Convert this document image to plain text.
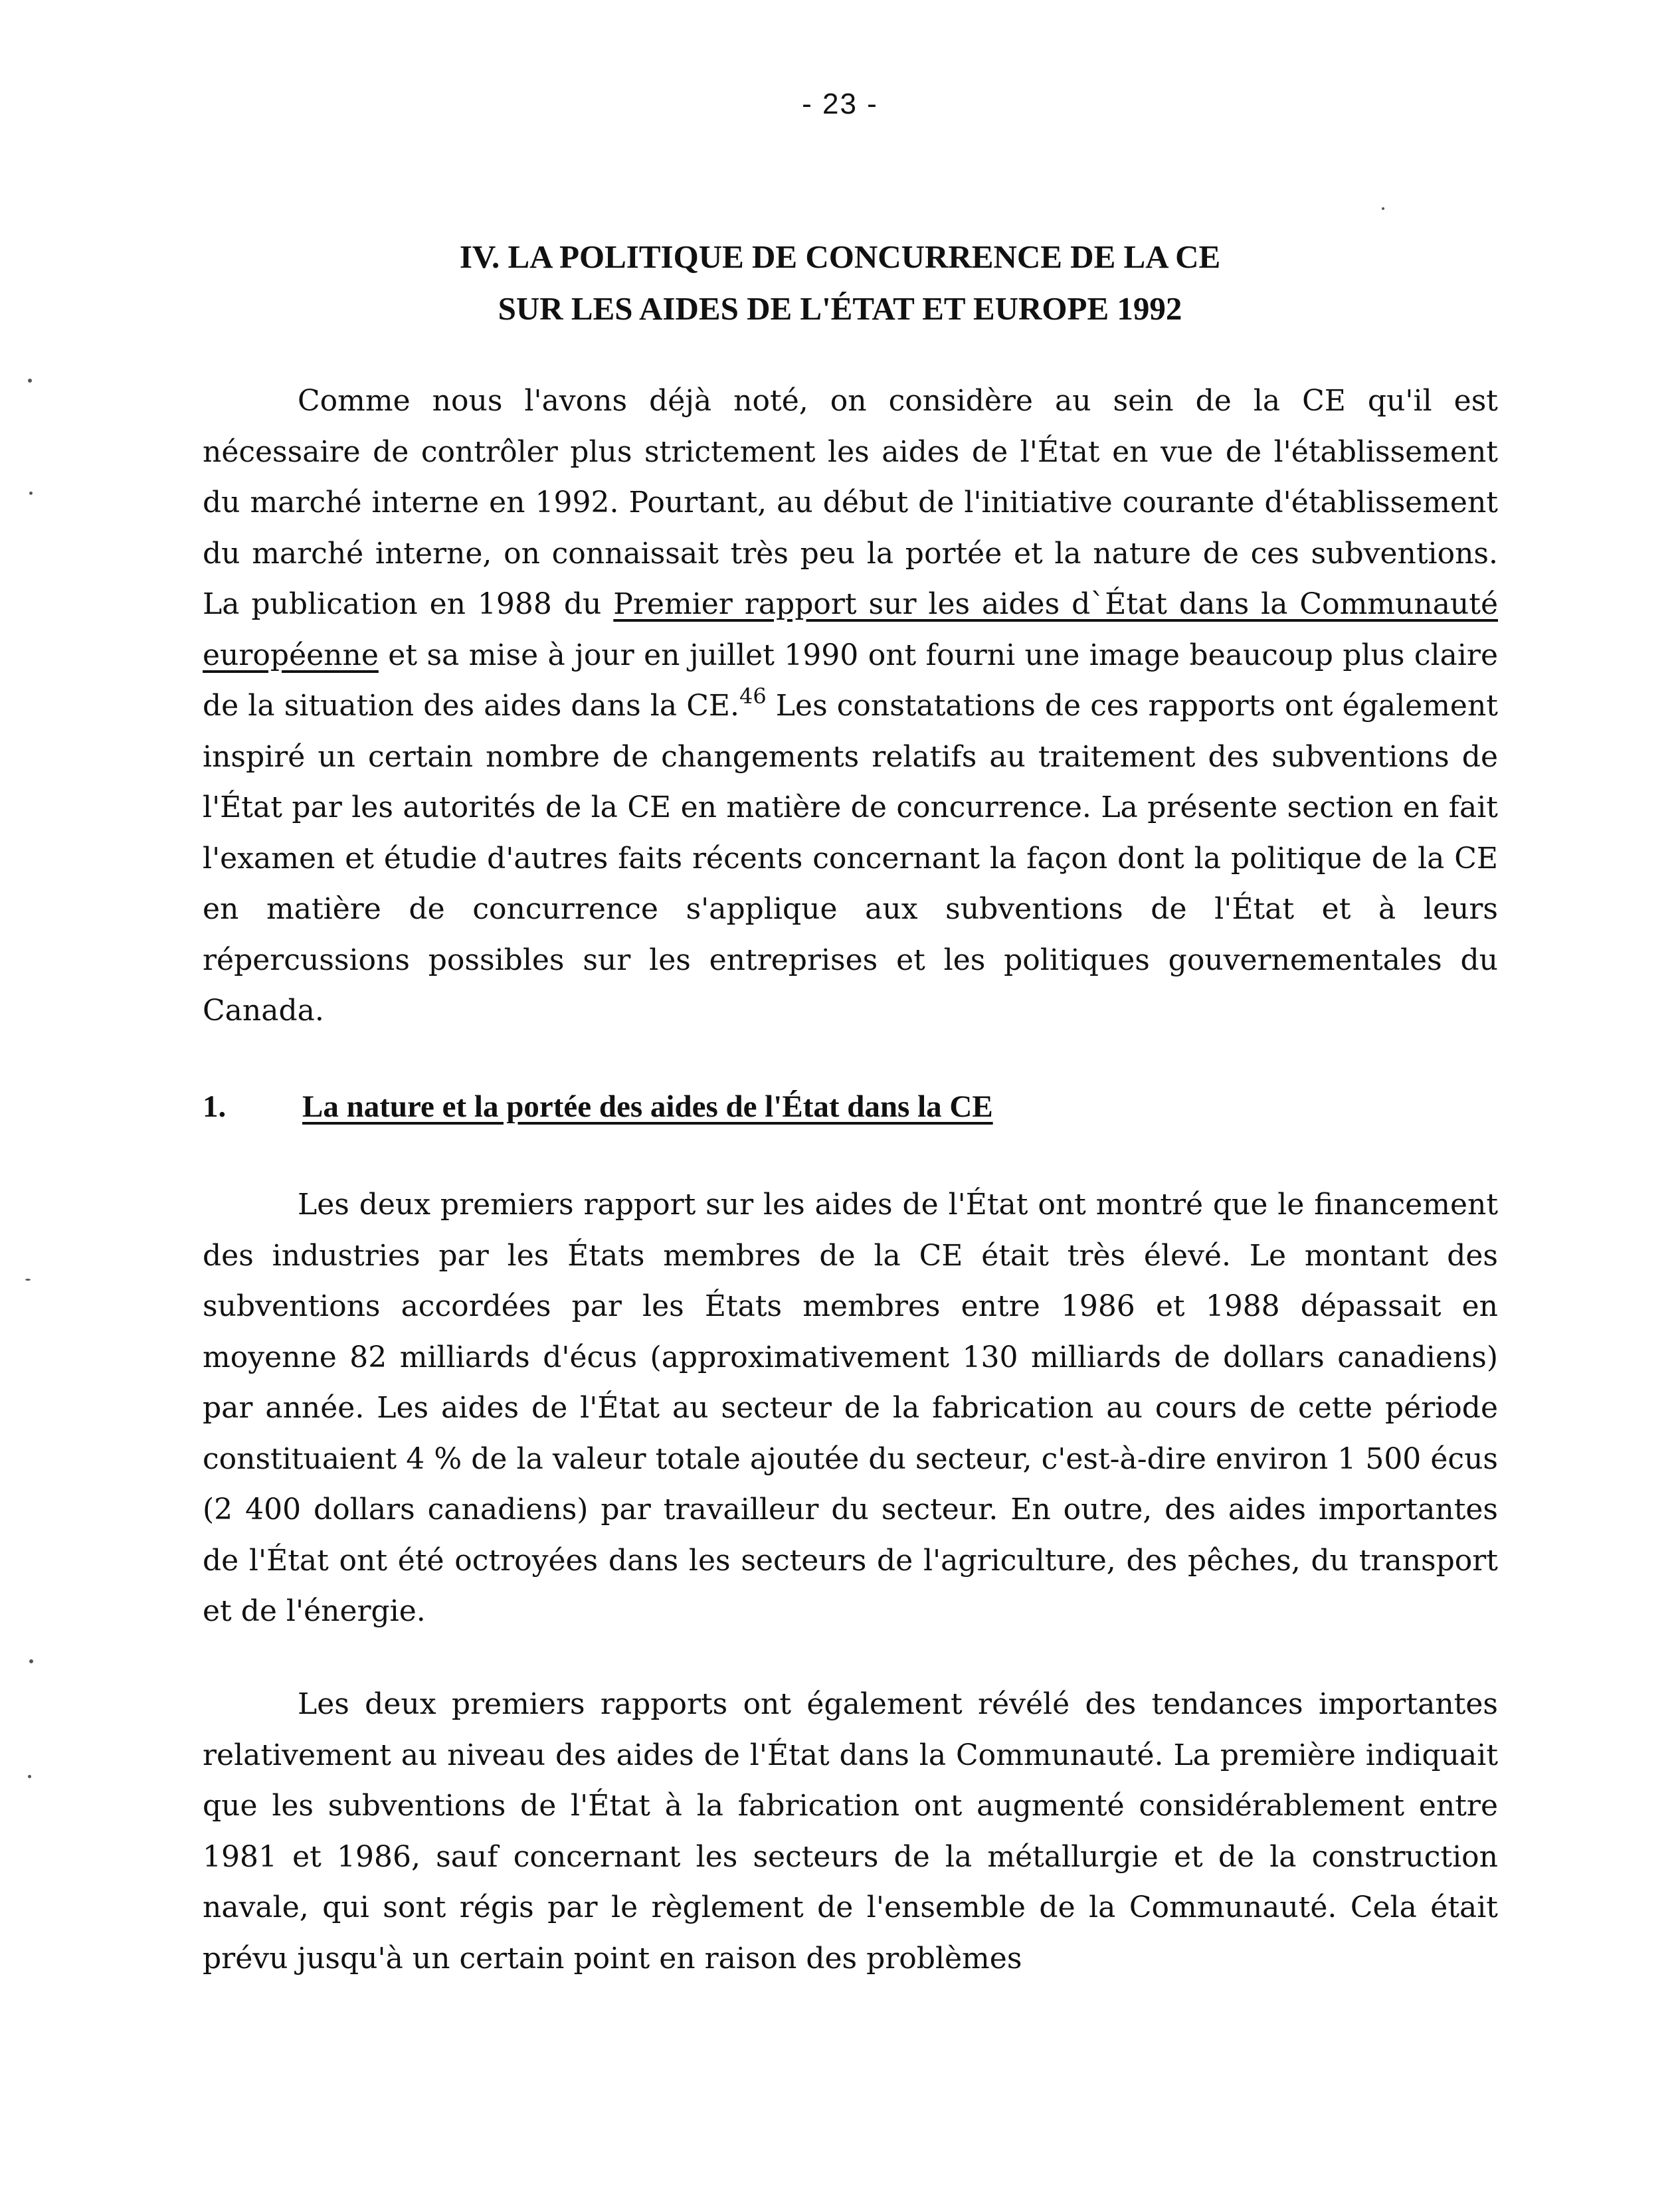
- 23 -
IV. LA POLITIQUE DE CONCURRENCE DE LA CE
SUR LES AIDES DE L'ÉTAT ET EUROPE 1992

Comme nous l'avons déjà noté, on considère au sein de la CE qu'il est nécessaire de contrôler plus strictement les aides de l'État en vue de l'établissement du marché interne en 1992. Pourtant, au début de l'initiative courante d'établissement du marché interne, on connaissait très peu la portée et la nature de ces subventions. La publication en 1988 du Premier rapport sur les aides d`État dans la Communauté européenne et sa mise à jour en juillet 1990 ont fourni une image beaucoup plus claire de la situation des aides dans la CE.$^{46}$ Les constatations de ces rapports ont également inspiré un certain nombre de changements relatifs au traitement des subventions de l'État par les autorités de la CE en matière de concurrence. La présente section en fait l'examen et étudie d'autres faits récents concernant la façon dont la politique de la CE en matière de concurrence s'applique aux subventions de l'État et à leurs répercussions possibles sur les entreprises et les politiques gouvernementales du Canada.

1. La nature et la portée des aides de l'État dans la CE

Les deux premiers rapport sur les aides de l'État ont montré que le financement des industries par les États membres de la CE était très élevé. Le montant des subventions accordées par les États membres entre 1986 et 1988 dépassait en moyenne 82 milliards d'écus (approximativement 130 milliards de dollars canadiens) par année. Les aides de l'État au secteur de la fabrication au cours de cette période constituaient 4 % de la valeur totale ajoutée du secteur, c'est-à-dire environ 1 500 écus (2 400 dollars canadiens) par travailleur du secteur. En outre, des aides importantes de l'État ont été octroyées dans les secteurs de l'agriculture, des pêches, du transport et de l'énergie.

Les deux premiers rapports ont également révélé des tendances importantes relativement au niveau des aides de l'État dans la Communauté. La première indiquait que les subventions de l'État à la fabrication ont augmenté considérablement entre 1981 et 1986, sauf concernant les secteurs de la métallurgie et de la construction navale, qui sont régis par le règlement de l'ensemble de la Communauté. Cela était prévu jusqu'à un certain point en raison des problèmes
